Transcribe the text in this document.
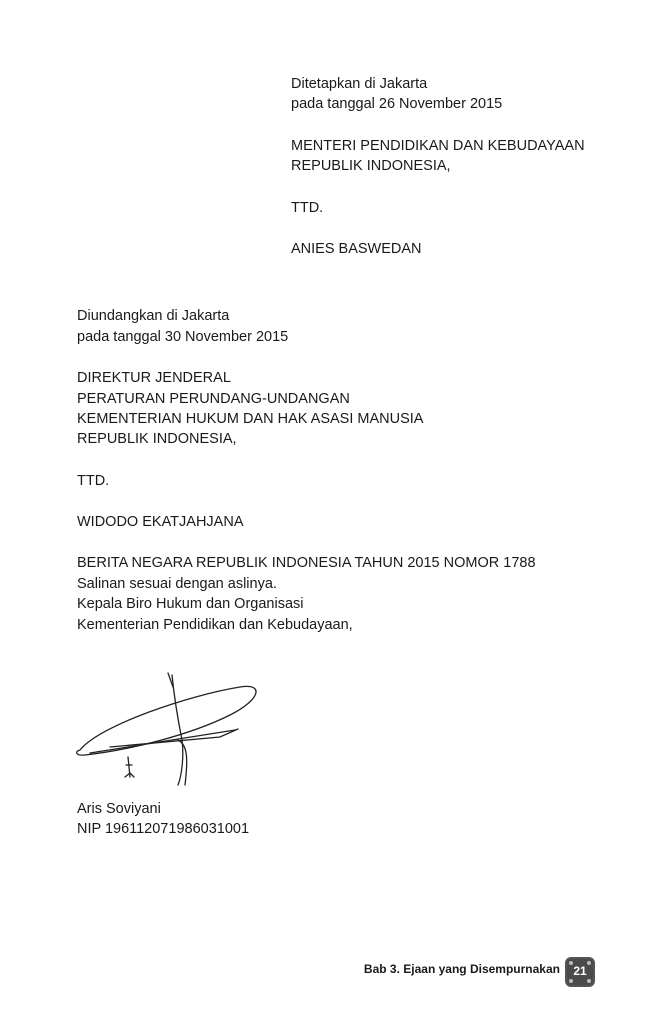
Ditetapkan di Jakarta
pada tanggal 26 November 2015
MENTERI PENDIDIKAN DAN KEBUDAYAAN
REPUBLIK INDONESIA,
TTD.
ANIES BASWEDAN
Diundangkan di Jakarta
pada tanggal 30 November 2015
DIREKTUR JENDERAL
PERATURAN PERUNDANG-UNDANGAN
KEMENTERIAN HUKUM DAN HAK ASASI MANUSIA
REPUBLIK INDONESIA,
TTD.
WIDODO EKATJAHJANA
BERITA NEGARA REPUBLIK INDONESIA TAHUN 2015 NOMOR 1788
Salinan sesuai dengan aslinya.
Kepala Biro Hukum dan Organisasi
Kementerian Pendidikan dan Kebudayaan,
Aris Soviyani
NIP 196112071986031001
Bab 3. Ejaan yang Disempurnakan	21
